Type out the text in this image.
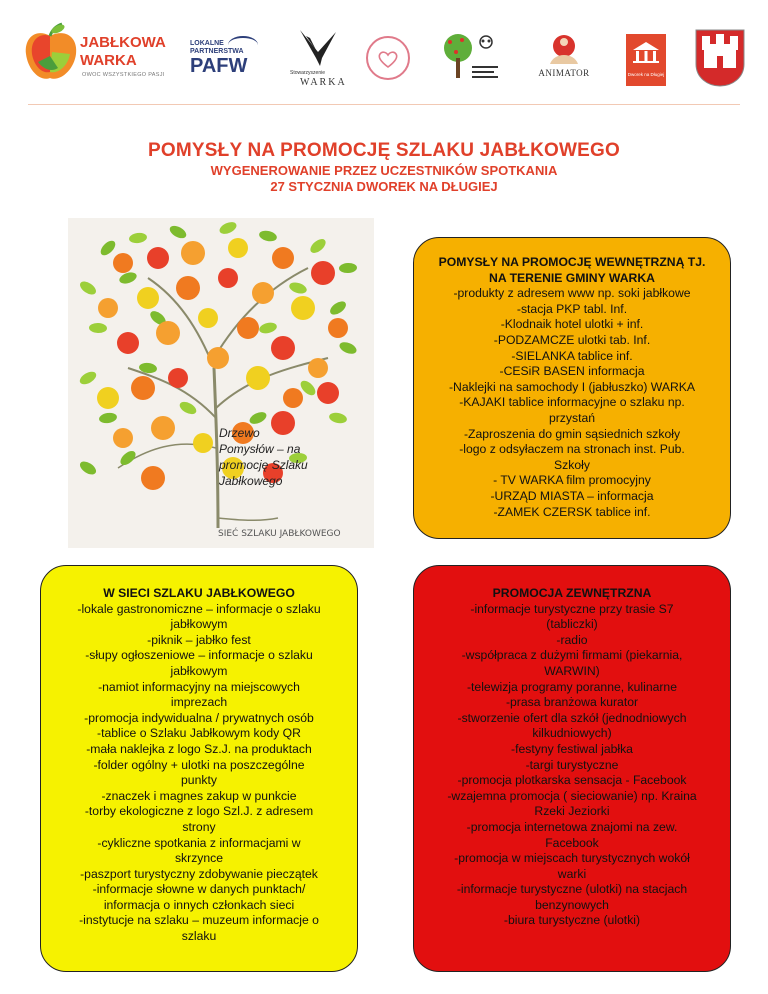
JABŁKOWA
WARKA
OWOC WSZYSTKIEGO PASJI
LOKALNE
PARTNERSTWA
PAFW	Stowarzyszenie
WARKA
ANIMATOR	Dworek na Długiej
POMYSŁY NA PROMOCJĘ SZLAKU JABŁKOWEGO
WYGENEROWANIE PRZEZ UCZESTNIKÓW SPOTKANIA
27 STYCZNIA DWOREK NA DŁUGIEJ
SIEĆ SZLAKU JABŁKOWEGO
Drzewo
Pomysłów – na
promocję Szlaku
Jabłkowego
POMYSŁY NA PROMOCJĘ WEWNĘTRZNĄ TJ.
NA TERENIE GMINY WARKA
-produkty z adresem www np. soki jabłkowe
-stacja PKP tabl. Inf.
-Klodnaik hotel ulotki + inf.
-PODZAMCZE ulotki tab. Inf.
-SIELANKA tablice inf.
-CESiR BASEN informacja
-Naklejki na samochody I (jabłuszko) WARKA
-KAJAKI tablice informacyjne o szlaku np.
przystań
-Zaproszenia do gmin sąsiednich szkoły
-logo z odsyłaczem na stronach inst. Pub.
Szkoły
- TV WARKA film promocyjny
-URZĄD MIASTA – informacja
-ZAMEK CZERSK tablice inf.
W SIECI SZLAKU JABŁKOWEGO
-lokale gastronomiczne – informacje o szlaku
jabłkowym
-piknik – jabłko fest
-słupy ogłoszeniowe – informacje o szlaku
jabłkowym
-namiot informacyjny na miejscowych
imprezach
-promocja indywidualna / prywatnych osób
-tablice o Szlaku Jabłkowym kody QR
-mała naklejka z logo Sz.J. na produktach
-folder ogólny + ulotki na poszczególne
punkty
-znaczek i magnes zakup w punkcie
-torby ekologiczne z logo Szl.J. z adresem
strony
-cykliczne spotkania z informacjami w
skrzynce
-paszport turystyczny zdobywanie pieczątek
-informacje słowne w danych punktach/
informacja o innych członkach sieci
-instytucje na szlaku – muzeum informacje o
szlaku
PROMOCJA ZEWNĘTRZNA
-informacje turystyczne przy trasie S7
(tabliczki)
-radio
-współpraca z dużymi firmami (piekarnia,
WARWIN)
-telewizja programy poranne, kulinarne
-prasa branżowa kurator
-stworzenie ofert dla szkół (jednodniowych
kilkudniowych)
-festyny festiwal jabłka
-targi turystyczne
-promocja plotkarska sensacja - Facebook
-wzajemna promocja ( sieciowanie) np. Kraina
Rzeki Jeziorki
-promocja internetowa znajomi na zew.
Facebook
-promocja w miejscach turystycznych wokół
warki
-informacje turystyczne (ulotki) na stacjach
benzynowych
-biura turystyczne (ulotki)
